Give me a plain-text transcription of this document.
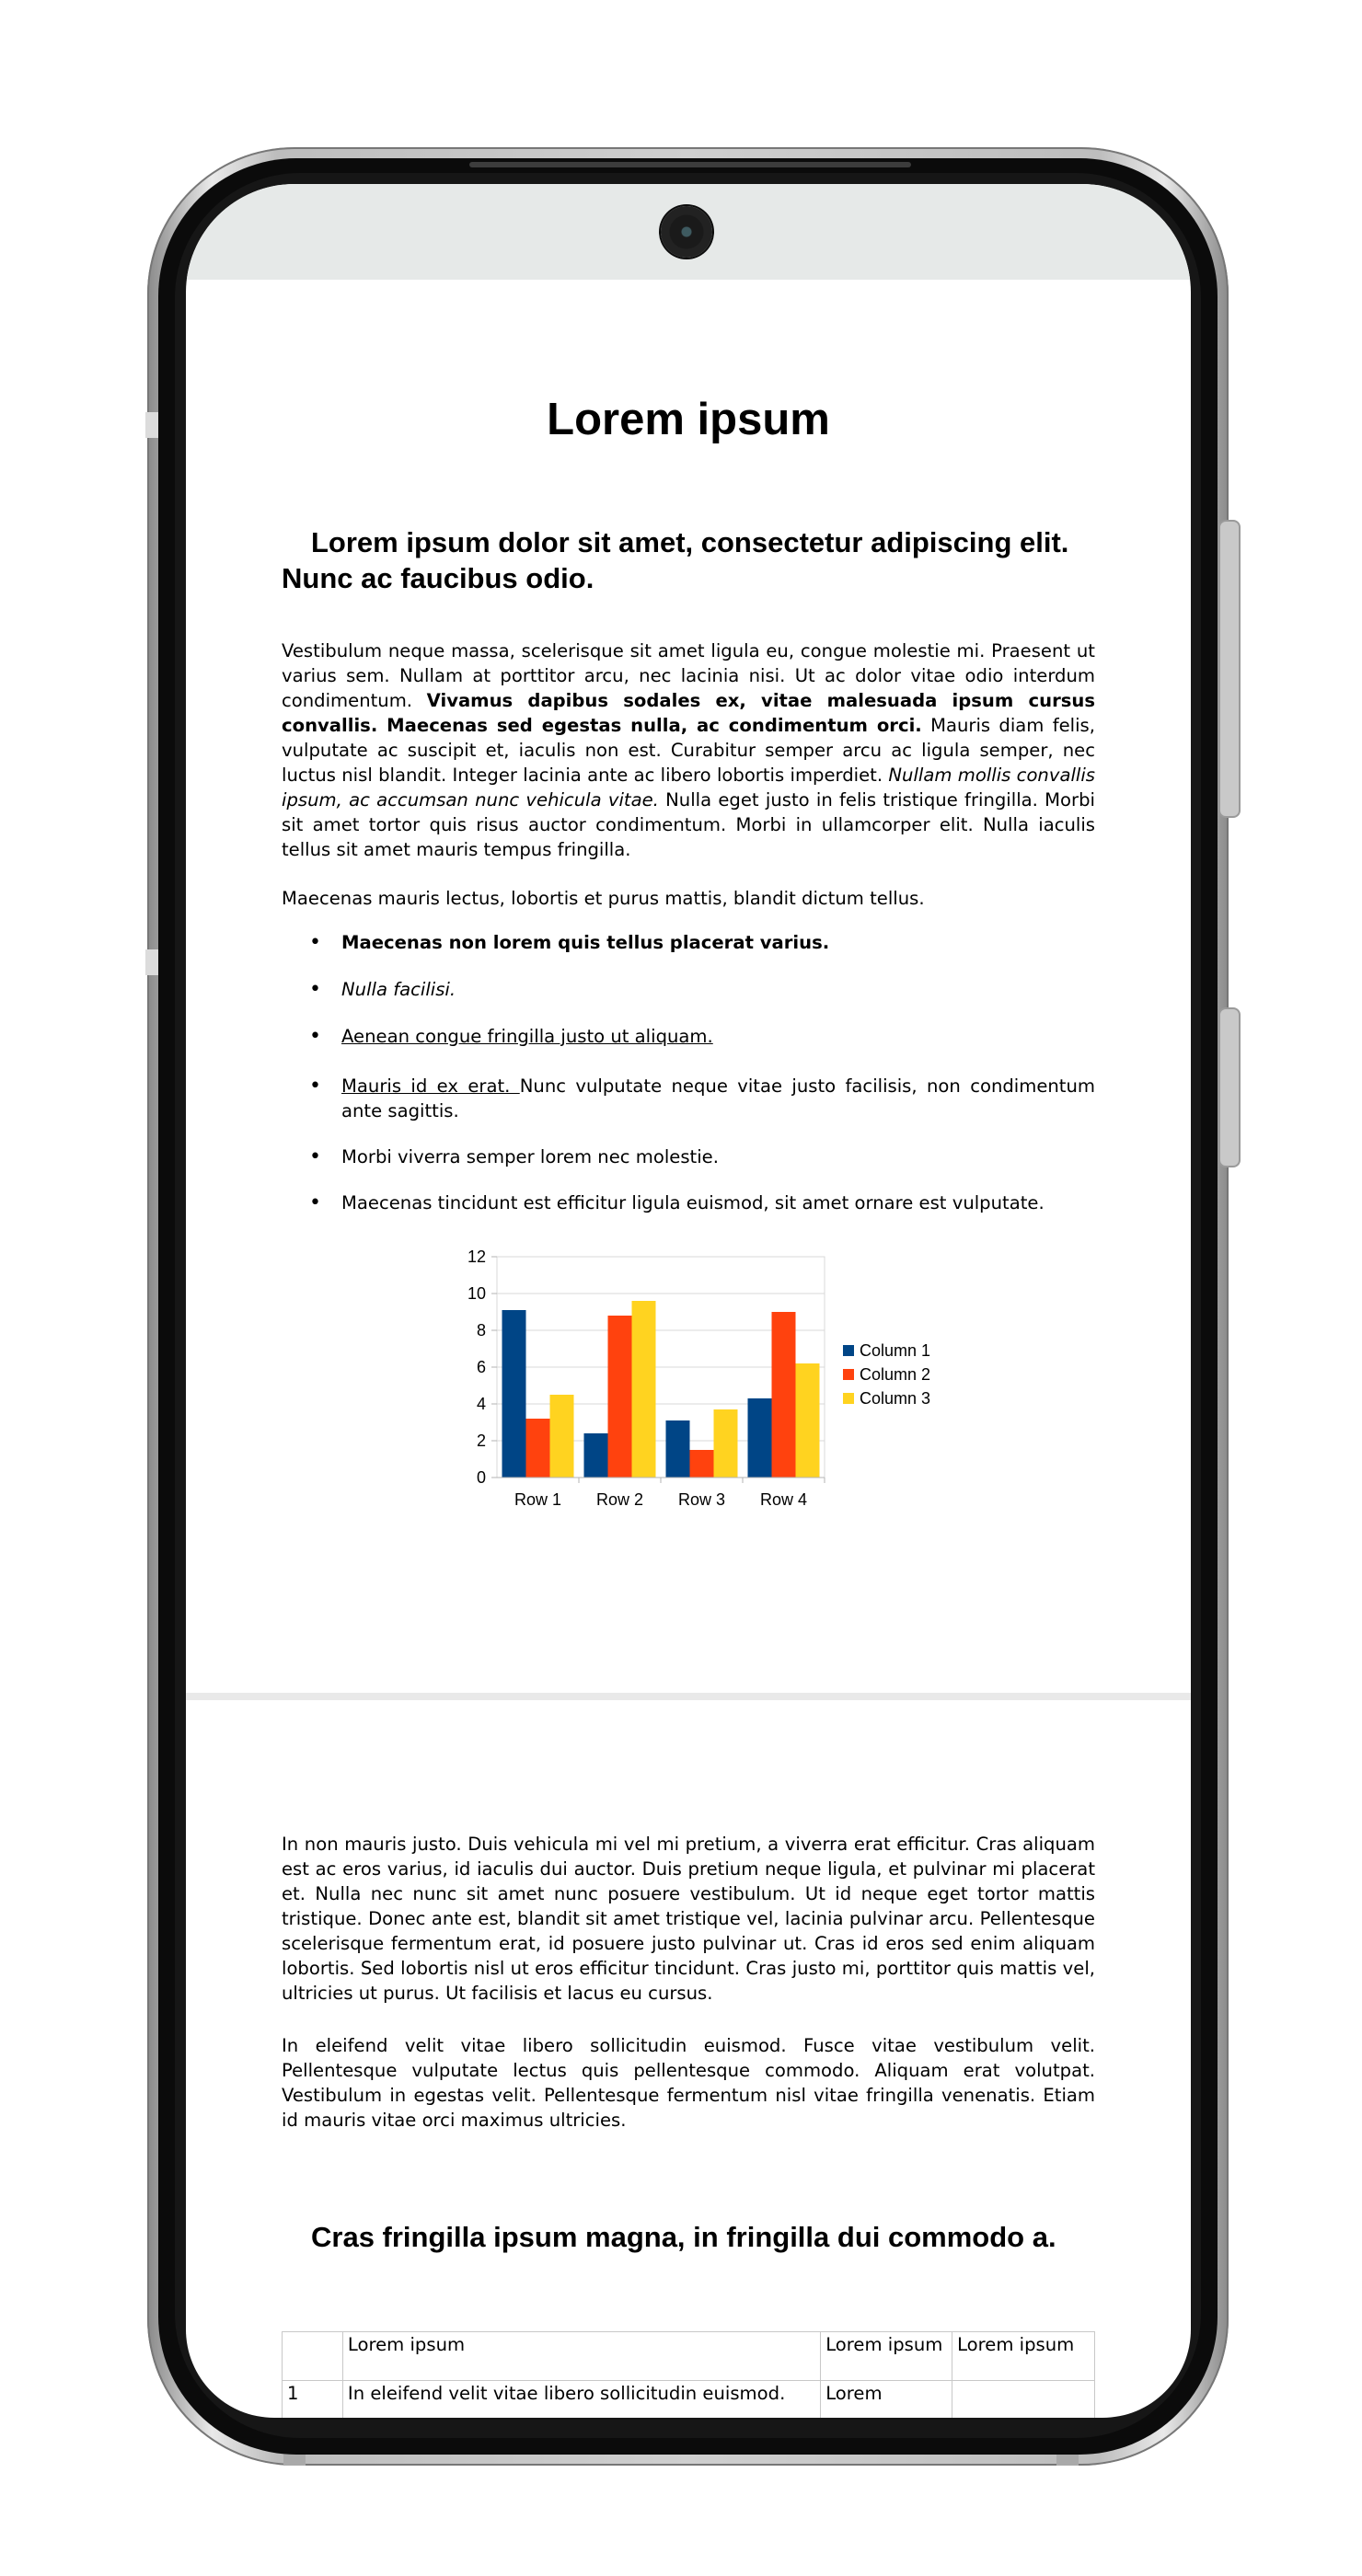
Lorem ipsum
Lorem ipsum dolor sit amet, consectetur adipiscing elit. Nunc ac faucibus odio.
Vestibulum neque massa, scelerisque sit amet ligula eu, congue molestie mi. Praesent ut varius sem. Nullam at porttitor arcu, nec lacinia nisi. Ut ac dolor vitae odio interdum condimentum. Vivamus dapibus sodales ex, vitae malesuada ipsum cursus convallis. Maecenas sed egestas nulla, ac condimentum orci. Mauris diam felis, vulputate ac suscipit et, iaculis non est. Curabitur semper arcu ac ligula semper, nec luctus nisl blandit. Integer lacinia ante ac libero lobortis imperdiet. Nullam mollis convallis ipsum, ac accumsan nunc vehicula vitae. Nulla eget justo in felis tristique fringilla. Morbi sit amet tortor quis risus auctor condimentum. Morbi in ullamcorper elit. Nulla iaculis tellus sit amet mauris tempus fringilla.
Maecenas mauris lectus, lobortis et purus mattis, blandit dictum tellus.
• Maecenas non lorem quis tellus placerat varius.
• Nulla facilisi.
• Aenean congue fringilla justo ut aliquam.
• Mauris id ex erat. Nunc vulputate neque vitae justo facilisis, non condimentum ante sagittis.
• Morbi viverra semper lorem nec molestie.
• Maecenas tincidunt est efficitur ligula euismod, sit amet ornare est vulputate.
0
2
4
6
8
10
12
Row 1 Row 2 Row 3 Row 4
Column 1
Column 2
Column 3
In non mauris justo. Duis vehicula mi vel mi pretium, a viverra erat efficitur. Cras aliquam est ac eros varius, id iaculis dui auctor. Duis pretium neque ligula, et pulvinar mi placerat et. Nulla nec nunc sit amet nunc posuere vestibulum. Ut id neque eget tortor mattis tristique. Donec ante est, blandit sit amet tristique vel, lacinia pulvinar arcu. Pellentesque scelerisque fermentum erat, id posuere justo pulvinar ut. Cras id eros sed enim aliquam lobortis. Sed lobortis nisl ut eros efficitur tincidunt. Cras justo mi, porttitor quis mattis vel, ultricies ut purus. Ut facilisis et lacus eu cursus.
In eleifend velit vitae libero sollicitudin euismod. Fusce vitae vestibulum velit. Pellentesque vulputate lectus quis pellentesque commodo. Aliquam erat volutpat. Vestibulum in egestas velit. Pellentesque fermentum nisl vitae fringilla venenatis. Etiam id mauris vitae orci maximus ultricies.
Cras fringilla ipsum magna, in fringilla dui commodo a.
	Lorem ipsum	Lorem ipsum	Lorem ipsum
1	In eleifend velit vitae libero sollicitudin euismod.	Lorem	
